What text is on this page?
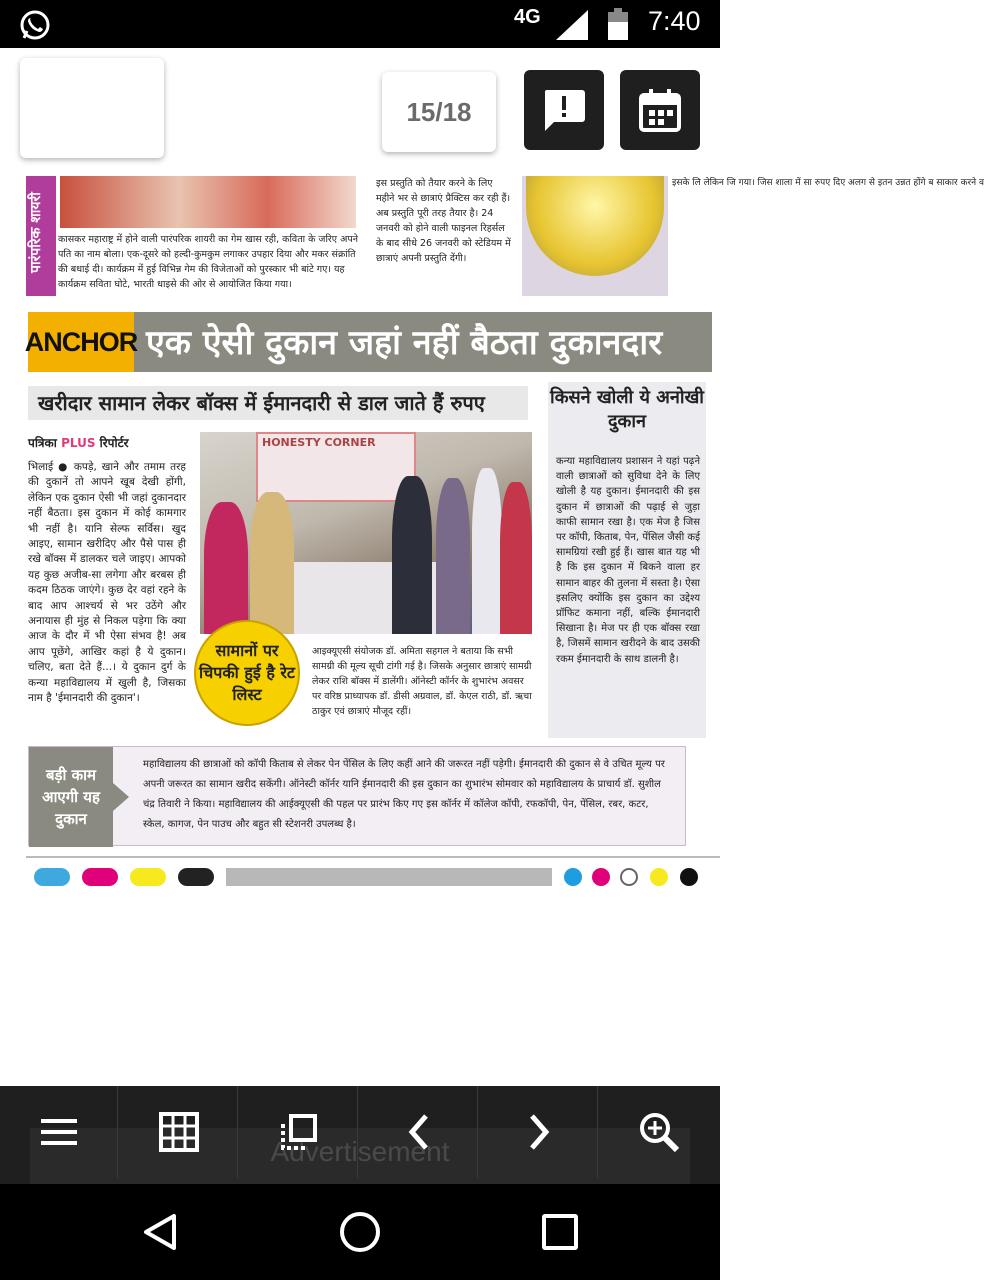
4G	7:40
15/18
पारंपरिक शायरी	कासकर महाराष्ट्र में होने वाली पारंपरिक शायरी का गेम खास रही, कविता के जरिए अपने पति का नाम बोला। एक-दूसरे को हल्दी-कुमकुम लगाकर उपहार दिया और मकर संक्रांति की बधाई दी। कार्यक्रम में हुई विभिन्न गेम की विजेताओं को पुरस्कार भी बांटे गए। यह कार्यक्रम सविता घोटे, भारती धाइसे की ओर से आयोजित किया गया।
इस प्रस्तुति को तैयार करने के लिए महीने भर से छात्राएं प्रैक्टिस कर रही हैं। अब प्रस्तुति पूरी तरह तैयार है। 24 जनवरी को होने वाली फाइनल रिहर्सल के बाद सीधे 26 जनवरी को स्टेडियम में छात्राएं अपनी प्रस्तुति देंगी।
इसके लि लेकिन जि गया। जिस शाला में सा रुपए दिए अलग से इतन उन्नत होंगे ब साकार करने व
ANCHOR एक ऐसी दुकान जहां नहीं बैठता दुकानदार
खरीदार सामान लेकर बॉक्स में ईमानदारी से डाल जाते हैं रुपए
पत्रिका PLUS रिपोर्टर
भिलाई ● कपड़े, खाने और तमाम तरह की दुकानें तो आपने खूब देखी होंगी, लेकिन एक दुकान ऐसी भी जहां दुकानदार नहीं बैठता। इस दुकान में कोई कामगार भी नहीं है। यानि सेल्फ सर्विस। खुद आइए, सामान खरीदिए और पैसे पास ही रखे बॉक्स में डालकर चले जाइए। आपको यह कुछ अजीब-सा लगेगा और बरबस ही कदम ठिठक जाएंगे। कुछ देर वहां रहने के बाद आप आश्चर्य से भर उठेंगे और अनायास ही मुंह से निकल पड़ेगा कि क्या आज के दौर में भी ऐसा संभव है! अब आप पूछेंगे, आखिर कहां है ये दुकान। चलिए, बता देते हैं...। ये दुकान दुर्ग के कन्या महाविद्यालय में खुली है, जिसका नाम है 'ईमानदारी की दुकान'।
HONESTY CORNER
सामानों पर चिपकी हुई है रेट लिस्ट
आइक्यूएसी संयोजक डॉ. अमिता सहगल ने बताया कि सभी सामग्री की मूल्य सूची टांगी गई है। जिसके अनुसार छात्राएं सामग्री लेकर राशि बॉक्स में डालेंगी। ऑनेस्टी कॉर्नर के शुभारंभ अवसर पर वरिष्ठ प्राध्यापक डॉ. डीसी अग्रवाल, डॉ. केएल राठी, डॉ. ऋचा ठाकुर एवं छात्राएं मौजूद रहीं।
किसने खोली ये अनोखी दुकान
कन्या महाविद्यालय प्रशासन ने यहां पढ़ने वाली छात्राओं को सुविधा देने के लिए खोली है यह दुकान। ईमानदारी की इस दुकान में छात्राओं की पढ़ाई से जुड़ा काफी सामान रखा है। एक मेज है जिस पर कॉपी, किताब, पेन, पेंसिल जैसी कई सामग्रियां रखी हुई हैं। खास बात यह भी है कि इस दुकान में बिकने वाला हर सामान बाहर की तुलना में सस्ता है। ऐसा इसलिए क्योंकि इस दुकान का उद्देश्य प्रॉफिट कमाना नहीं, बल्कि ईमानदारी सिखाना है। मेज पर ही एक बॉक्स रखा है, जिसमें सामान खरीदने के बाद उसकी रकम ईमानदारी के साथ डालनी है।
बड़ी काम आएगी यह दुकान
महाविद्यालय की छात्राओं को कॉपी किताब से लेकर पेन पेंसिल के लिए कहीं आने की जरूरत नहीं पड़ेगी। ईमानदारी की दुकान से वे उचित मूल्य पर अपनी जरूरत का सामान खरीद सकेंगी। ऑनेस्टी कॉर्नर यानि ईमानदारी की इस दुकान का शुभारंभ सोमवार को महाविद्यालय के प्राचार्य डॉ. सुशील चंद्र तिवारी ने किया। महाविद्यालय की आईक्यूएसी की पहल पर प्रारंभ किए गए इस कॉर्नर में कॉलेज कॉपी, रफकॉपी, पेन, पेंसिल, रबर, कटर, स्केल, कागज, पेन पाउच और बहुत सी स्टेशनरी उपलब्ध है।
Advertisement
